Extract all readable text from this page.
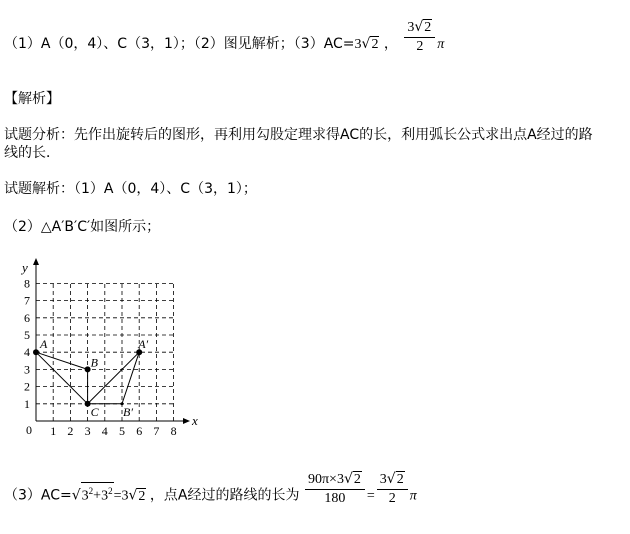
（1）A（0，4）、C（3，1）；（2）图见解析；（3）AC=3√2 ， $\frac{3√2}{2}$ π
【解析】
试题分析：先作出旋转后的图形，再利用勾股定理求得AC的长，利用弧长公式求出点A经过的路
线的长．
试题解析：（1）A（0，4）、C（3，1）；
（2）△A′B′C′如图所示；
x
y
0 1 2 3 4 5 6 7 8
1
2
3
4
5
6
7
8
A
B
C
A′
B′
$(3)AC=√3^2+3^2=3√2$ ，点A经过的路线的长为 $\frac{90\pi\times 3√2}{180} = \frac{3√2}{2}$ π
